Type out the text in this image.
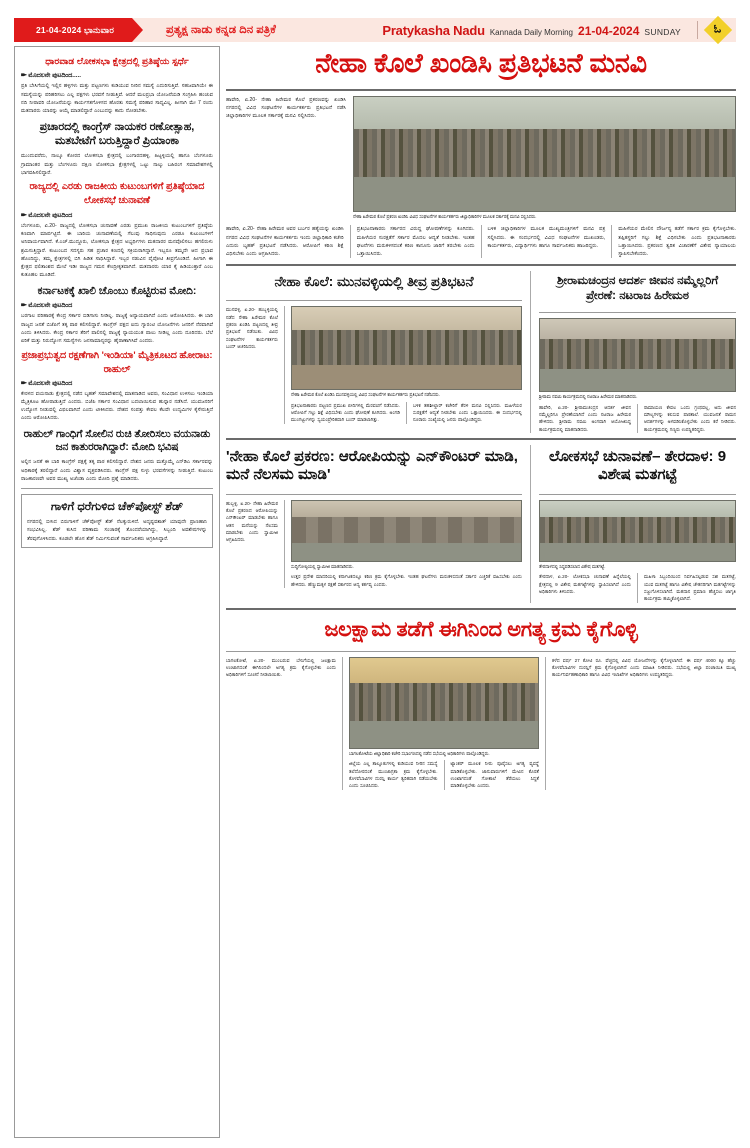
21-04-2024 ಭಾನುವಾರ	ಪ್ರತ್ಯಕ್ಷ ನಾಡು ಕನ್ನಡ ದಿನ ಪತ್ರಿಕೆ	Pratykasha Nadu Kannada Daily Morning 21-04-2024 SUNDAY	ಓ
ಧಾರವಾಡ ಲೋಕಸಭಾ ಕ್ಷೇತ್ರದಲ್ಲಿ ಪ್ರತಿಷ್ಠೆಯ ಸ್ಪರ್ಧೆ
➨ ಮೊದಲನೇ ಪುಟದಿಂದ.....
ಪ್ರತಿ ಬೇಸಿಗೆಯಲ್ಲಿ ಇಲ್ಲಿನ ಹಳ್ಳಿಗಳು ಮತ್ತು ಪಟ್ಟಣಗಳು ಕುಡಿಯುವ ನೀರಿನ ಸಮಸ್ಯೆ ಎದುರಿಸುತ್ತಿವೆ. ಸಹಜವಾಗಿಯೇ ಈ ಸಮಸ್ಯೆಯನ್ನು ಪರಿಹರಿಸಲು ಎಲ್ಲ ಪಕ್ಷಗಳು ಭರವಸೆ ನೀಡುತ್ತಿವೆ. ಆದರೆ ಮಲಪ್ರಭಾ ಯೋಜನೆಯಡಿ ಸಂಗ್ರಹಿಸಿ ಹಂಚುವ ನದಿ ನೀರಾವರಿ ಯೋಜನೆಯನ್ನು ಕಾರ್ಯಗತಗೊಳಿಸದ ಹೊರತು ಸಮಸ್ಯೆ ಪರಿಹಾರ ಸಾಧ್ಯವಿಲ್ಲ. ಹೀಗಾಗಿ ಮೇ 7 ರಂದು ಮತದಾರರು ಯಾರನ್ನು ಆಯ್ಕೆ ಮಾಡಲಿದ್ದಾರೆ ಎಂಬುದನ್ನು ಕಾದು ನೋಡಬೇಕು.
ಪ್ರಚಾರದಲ್ಲಿ ಕಾಂಗ್ರೆಸ್ ನಾಯಕರ ರಣೋತ್ಸಾಹ, ಮತಬೇಟೆಗೆ ಬರುತ್ತಿದ್ದಾರೆ ಪ್ರಿಯಾಂಕಾ
ಮುಂದುವರೆದು, ನಾಲ್ಕೂ ಕೋರದ ಲೋಕಸಭಾ ಕ್ಷೇತ್ರದಲ್ಲಿ ಬಂಗಾರದಹಳ್ಳಿ, ಹಿಟ್ಟಳ್ಳಿಯಲ್ಲಿ ಹಾಗೂ ಬೆಂಗಳೂರು ಗ್ರಾಮಾಂತರ ಮತ್ತು ಬೆಂಗಳೂರು ದಕ್ಷಿಣ ಲೋಕಸಭಾ ಕ್ಷೇತ್ರಗಳಲ್ಲಿ ಒಟ್ಟು ನಾಲ್ಕು ಬಹಿರಂಗ ಸಮಾವೇಶಗಳಲ್ಲಿ ಭಾಗವಹಿಸಲಿದ್ದಾರೆ.
ರಾಜ್ಯದಲ್ಲಿ ಎರಡು ರಾಜಕೀಯ ಕುಟುಂಬಗಳಿಗೆ ಪ್ರತಿಷ್ಠೆಯಾದ ಲೋಕಸಭೆ ಚುನಾವಣೆ
➨ ಮೊದಲನೇ ಪುಟದಿಂದ
ಬೆಂಗಳೂರು, ಏ.20- ರಾಜ್ಯದಲ್ಲಿ ಲೋಕಸಭಾ ಚುನಾವಣೆ ಎರಡು ಪ್ರಮುಖ ರಾಜಕೀಯ ಕುಟುಂಬಗಳಿಗೆ ಪ್ರತಿಷ್ಠೆಯ ಕಣವಾಗಿ ಮಾರ್ಪಟ್ಟಿದೆ. ಈ ಬಾರಿಯ ಚುನಾವಣೆಯಲ್ಲಿ ಗೆಲುವು ಸಾಧಿಸುವುದು ಎರಡೂ ಕುಟುಂಬಗಳಿಗೆ ಅನಿವಾರ್ಯವಾಗಿದೆ. ಕೆ.ಎಚ್.ಮುದ್ದೂರು, ಲೋಕಸಭಾ ಕ್ಷೇತ್ರದ ಅಭ್ಯರ್ಥಿಗಳು ಮತದಾರರ ಮನವೊಲಿಸಲು ಹಗಲಿರುಳು ಶ್ರಮಿಸುತ್ತಿದ್ದಾರೆ. ಕುಟುಂಬದ ಸದಸ್ಯರು ಸಹ ಪ್ರಚಾರ ಕಣದಲ್ಲಿ ಸಕ್ರಿಯರಾಗಿದ್ದಾರೆ. ಇಬ್ಬರೂ ತಮ್ಮದೇ ಆದ ಪ್ರಭಾವ ಹೊಂದಿದ್ದು, ತಮ್ಮ ಕ್ಷೇತ್ರಗಳಲ್ಲಿ ಬಿಗಿ ಹಿಡಿತ ಸಾಧಿಸಿದ್ದಾರೆ. ಇಬ್ಬರ ನಡುವಿನ ಪೈಪೋಟಿ ತೀವ್ರಗೊಂಡಿದೆ. ಹೀಗಾಗಿ ಈ ಕ್ಷೇತ್ರದ ಫಲಿತಾಂಶದ ಮೇಲೆ ಇಡೀ ರಾಜ್ಯದ ಗಮನ ಕೇಂದ್ರೀಕೃತವಾಗಿದೆ. ಮತದಾರರು ಯಾರ ಕೈ ಹಿಡಿಯುತ್ತಾರೆ ಎಂಬ ಕುತೂಹಲ ಮೂಡಿದೆ.
ಕರ್ನಾಟಕಕ್ಕೆ ಖಾಲಿ ಚೊಂಬು ಕೊಟ್ಟಿರುವ ಮೋದಿ:
➨ ಮೊದಲನೇ ಪುಟದಿಂದ
ಬರಗಾಲ ಪರಿಹಾರಕ್ಕೆ ಕೇಂದ್ರ ಸರ್ಕಾರ ಬಿಡಿಗಾಸು ನೀಡಿಲ್ಲ. ರಾಜ್ಯಕ್ಕೆ ಅನ್ಯಾಯವಾಗಿದೆ ಎಂದು ಆರೋಪಿಸಿದರು. ಈ ಬಾರಿ ರಾಜ್ಯದ ಜನತೆ ಬಿಜೆಪಿಗೆ ತಕ್ಕ ಪಾಠ ಕಲಿಸಲಿದ್ದಾರೆ. ಕಾಂಗ್ರೆಸ್ ಪಕ್ಷದ ಐದು ಗ್ಯಾರಂಟಿ ಯೋಜನೆಗಳು ಜನರಿಗೆ ನೆರವಾಗಿವೆ ಎಂದು ತಿಳಿಸಿದರು. ಕೇಂದ್ರ ಸರ್ಕಾರ ತೆರಿಗೆ ಪಾಲಿನಲ್ಲಿ ರಾಜ್ಯಕ್ಕೆ ನ್ಯಾಯಯುತ ಪಾಲು ನೀಡಿಲ್ಲ ಎಂದು ದೂರಿದರು. ಬೆಲೆ ಏರಿಕೆ ಮತ್ತು ನಿರುದ್ಯೋಗ ಸಮಸ್ಯೆಗಳು ಜನಸಾಮಾನ್ಯರನ್ನು ಹೈರಾಣಾಗಿಸಿವೆ ಎಂದರು.
ಪ್ರಜಾಪ್ರಭುತ್ವದ ರಕ್ಷಣೆಗಾಗಿ 'ಇಂಡಿಯಾ' ಮೈತ್ರಿಕೂಟದ ಹೋರಾಟ: ರಾಹುಲ್
➨ ಮೊದಲನೇ ಪುಟದಿಂದ
ಕೇರಳದ ವಯನಾಡು ಕ್ಷೇತ್ರದಲ್ಲಿ ನಡೆದ ಬೃಹತ್ ಸಮಾವೇಶದಲ್ಲಿ ಮಾತನಾಡಿದ ಅವರು, ಸಂವಿಧಾನ ಉಳಿಸಲು ಇಂಡಿಯಾ ಮೈತ್ರಿಕೂಟ ಹೋರಾಡುತ್ತಿದೆ ಎಂದರು. ಬಿಜೆಪಿ ಸರ್ಕಾರ ಸಂವಿಧಾನ ಬದಲಾಯಿಸುವ ಹುನ್ನಾರ ನಡೆಸಿದೆ. ಯುವಜನರಿಗೆ ಉದ್ಯೋಗ ನೀಡುವಲ್ಲಿ ವಿಫಲವಾಗಿದೆ ಎಂದು ಟೀಕಿಸಿದರು. ದೇಶದ ಸಂಪತ್ತು ಕೇವಲ ಕೆಲವೇ ಉದ್ಯಮಿಗಳ ಕೈಸೇರುತ್ತಿದೆ ಎಂದು ಆರೋಪಿಸಿದರು.
ರಾಹುಲ್ ಗಾಂಧಿಗೆ ಸೋಲಿನ ರುಚಿ ತೋರಿಸಲು ವಯನಾಡು ಜನ ಕಾತುರರಾಗಿದ್ದಾರೆ: ಮೋದಿ ಭವಿಷ
ಅಲ್ಲಿನ ಜನತೆ ಈ ಬಾರಿ ಕಾಂಗ್ರೆಸ್ ಪಕ್ಷಕ್ಕೆ ತಕ್ಕ ಪಾಠ ಕಲಿಸಲಿದ್ದಾರೆ. ದೇಶದ ಜನರು ಮತ್ತೊಮ್ಮೆ ಎನ್‌ಡಿಎ ಸರ್ಕಾರವನ್ನು ಅಧಿಕಾರಕ್ಕೆ ತರಲಿದ್ದಾರೆ ಎಂದು ವಿಶ್ವಾಸ ವ್ಯಕ್ತಪಡಿಸಿದರು. ಕಾಂಗ್ರೆಸ್ ಪಕ್ಷ ಸುಳ್ಳು ಭರವಸೆಗಳನ್ನು ನೀಡುತ್ತಿದೆ. ಕುಟುಂಬ ರಾಜಕಾರಣವೇ ಅವರ ಮುಖ್ಯ ಅಜೆಂಡಾ ಎಂದು ಮೋದಿ ಪ್ರಶ್ನೆ ಮಾಡಿದರು.
ಗಾಳಿಗೆ ಧರೆಗುಳಿದ ಚೆಕ್‌ಪೋಸ್ಟ್ ಶೆಡ್
ನಗರದಲ್ಲಿ ಬೀಸಿದ ಬಿರುಗಾಳಿಗೆ ಚೆಕ್‌ಪೋಸ್ಟ್ ಶೆಡ್ ನೆಲಕ್ಕುರುಳಿದೆ. ಅದೃಷ್ಟವಶಾತ್ ಯಾವುದೇ ಪ್ರಾಣಹಾನಿ ಸಂಭವಿಸಿಲ್ಲ. ಶೆಡ್ ಕುಸಿದ ಪರಿಣಾಮ ಸಂಚಾರಕ್ಕೆ ತೊಂದರೆಯಾಗಿದ್ದು, ಸಿಬ್ಬಂದಿ ಅವಶೇಷಗಳನ್ನು ತೆರವುಗೊಳಿಸಿದರು. ಕೂಡಲೇ ಹೊಸ ಶೆಡ್ ನಿರ್ಮಿಸುವಂತೆ ಸಾರ್ವಜನಿಕರು ಆಗ್ರಹಿಸಿದ್ದಾರೆ.
ನೇಹಾ ಕೊಲೆ ಖಂಡಿಸಿ ಪ್ರತಿಭಟನೆ ಮನವಿ
ಹಾವೇರಿ, ಏ.20- ನೇಹಾ ಹಿರೇಮಠ ಕೊಲೆ ಪ್ರಕರಣವನ್ನು ಖಂಡಿಸಿ ನಗರದಲ್ಲಿ ವಿವಿಧ ಸಂಘಟನೆಗಳ ಕಾರ್ಯಕರ್ತರು ಪ್ರತಿಭಟನೆ ನಡೆಸಿ ಜಿಲ್ಲಾಧಿಕಾರಿಗಳ ಮೂಲಕ ಸರ್ಕಾರಕ್ಕೆ ಮನವಿ ಸಲ್ಲಿಸಿದರು.
ನೇಹಾ ಹಿರೇಮಠ ಕೊಲೆ ಪ್ರಕರಣ ಖಂಡಿಸಿ ವಿವಿಧ ಸಂಘಟನೆಗಳ ಕಾರ್ಯಕರ್ತರು ಜಿಲ್ಲಾಧಿಕಾರಿಗಳ ಮೂಲಕ ಸರ್ಕಾರಕ್ಕೆ ಮನವಿ ಸಲ್ಲಿಸಿದರು.
ಹಾವೇರಿ, ಏ.20- ನೇಹಾ ಹಿರೇಮಠ ಅವರ ಬರ್ಬರ ಹತ್ಯೆಯನ್ನು ಖಂಡಿಸಿ ನಗರದ ವಿವಿಧ ಸಂಘಟನೆಗಳ ಕಾರ್ಯಕರ್ತರು ಇಂದು ಜಿಲ್ಲಾಧಿಕಾರಿ ಕಚೇರಿ ಎದುರು ಬೃಹತ್ ಪ್ರತಿಭಟನೆ ನಡೆಸಿದರು. ಆರೋಪಿಗೆ ಕಠಿಣ ಶಿಕ್ಷೆ ವಿಧಿಸಬೇಕು ಎಂದು ಆಗ್ರಹಿಸಿದರು.
ಪ್ರತಿಭಟನಾಕಾರರು ಸರ್ಕಾರದ ವಿರುದ್ಧ ಘೋಷಣೆಗಳನ್ನು ಕೂಗಿದರು. ಮಹಿಳೆಯರ ಸುರಕ್ಷತೆಗೆ ಸರ್ಕಾರ ಮೊದಲ ಆದ್ಯತೆ ನೀಡಬೇಕು. ಇಂತಹ ಘಟನೆಗಳು ಮರುಕಳಿಸದಂತೆ ಕಠಿಣ ಕಾನೂನು ಜಾರಿಗೆ ತರಬೇಕು ಎಂದು ಒತ್ತಾಯಿಸಿದರು.
ಬಳಿಕ ಜಿಲ್ಲಾಧಿಕಾರಿಗಳ ಮೂಲಕ ಮುಖ್ಯಮಂತ್ರಿಗಳಿಗೆ ಮನವಿ ಪತ್ರ ಸಲ್ಲಿಸಿದರು. ಈ ಸಂದರ್ಭದಲ್ಲಿ ವಿವಿಧ ಸಂಘಟನೆಗಳ ಮುಖಂಡರು, ಕಾರ್ಯಕರ್ತರು, ವಿದ್ಯಾರ್ಥಿಗಳು ಹಾಗೂ ಸಾರ್ವಜನಿಕರು ಹಾಜರಿದ್ದರು.
ಮಹಿಳೆಯರ ಮೇಲಿನ ದೌರ್ಜನ್ಯ ತಡೆಗೆ ಸರ್ಕಾರ ಕ್ರಮ ಕೈಗೊಳ್ಳಬೇಕು. ತಪ್ಪಿತಸ್ಥರಿಗೆ ಗಲ್ಲು ಶಿಕ್ಷೆ ವಿಧಿಸಬೇಕು ಎಂದು ಪ್ರತಿಭಟನಾಕಾರರು ಒತ್ತಾಯಿಸಿದರು. ಪ್ರಕರಣದ ತ್ವರಿತ ವಿಚಾರಣೆಗೆ ವಿಶೇಷ ನ್ಯಾಯಾಲಯ ಸ್ಥಾಪಿಸಬೇಕೆಂದರು.
ನೇಹಾ ಕೊಲೆ: ಮುನವಳ್ಳಿಯಲ್ಲಿ ತೀವ್ರ ಪ್ರತಿಭಟನೆ
ಮುನವಳ್ಳಿ, ಏ.20- ಹುಬ್ಬಳ್ಳಿಯಲ್ಲಿ ನಡೆದ ನೇಹಾ ಹಿರೇಮಠ ಕೊಲೆ ಪ್ರಕರಣ ಖಂಡಿಸಿ ಪಟ್ಟಣದಲ್ಲಿ ತೀವ್ರ ಪ್ರತಿಭಟನೆ ನಡೆಯಿತು. ವಿವಿಧ ಸಂಘಟನೆಗಳ ಕಾರ್ಯಕರ್ತರು ಬಂದ್ ಆಚರಿಸಿದರು.
ನೇಹಾ ಹಿರೇಮಠ ಕೊಲೆ ಖಂಡಿಸಿ ಮುನವಳ್ಳಿಯಲ್ಲಿ ವಿವಿಧ ಸಂಘಟನೆಗಳ ಕಾರ್ಯಕರ್ತರು ಪ್ರತಿಭಟನೆ ನಡೆಸಿದರು.
ಪ್ರತಿಭಟನಾಕಾರರು ಪಟ್ಟಣದ ಪ್ರಮುಖ ಬೀದಿಗಳಲ್ಲಿ ಮೆರವಣಿಗೆ ನಡೆಸಿದರು. ಆರೋಪಿಗೆ ಗಲ್ಲು ಶಿಕ್ಷೆ ವಿಧಿಸಬೇಕು ಎಂದು ಘೋಷಣೆ ಕೂಗಿದರು. ಅಂಗಡಿ ಮುಂಗಟ್ಟುಗಳನ್ನು ಸ್ವಯಂಪ್ರೇರಿತವಾಗಿ ಬಂದ್ ಮಾಡಲಾಗಿತ್ತು.
ಬಳಿಕ ತಹಶೀಲ್ದಾರ್ ಕಚೇರಿಗೆ ತೆರಳಿ ಮನವಿ ಸಲ್ಲಿಸಿದರು. ಮಹಿಳೆಯರ ಸುರಕ್ಷತೆಗೆ ಆದ್ಯತೆ ನೀಡಬೇಕು ಎಂದು ಒತ್ತಾಯಿಸಿದರು. ಈ ಸಂದರ್ಭದಲ್ಲಿ ನೂರಾರು ಸಂಖ್ಯೆಯಲ್ಲಿ ಜನರು ಪಾಲ್ಗೊಂಡಿದ್ದರು.
ಶ್ರೀರಾಮಚಂದ್ರನ ಆದರ್ಶ ಜೀವನ ನಮ್ಮೆಲ್ಲರಿಗೆ ಪ್ರೇರಣೆ: ನಟರಾಜ ಹಿರೇಮಠ
ಶ್ರೀರಾಮ ನವಮಿ ಕಾರ್ಯಕ್ರಮದಲ್ಲಿ ನಟರಾಜ ಹಿರೇಮಠ ಮಾತನಾಡಿದರು.
ಹಾವೇರಿ, ಏ.20- ಶ್ರೀರಾಮಚಂದ್ರನ ಆದರ್ಶ ಜೀವನ ನಮ್ಮೆಲ್ಲರಿಗೂ ಪ್ರೇರಣೆಯಾಗಿದೆ ಎಂದು ನಟರಾಜ ಹಿರೇಮಠ ಹೇಳಿದರು. ಶ್ರೀರಾಮ ನವಮಿ ಅಂಗವಾಗಿ ಆಯೋಜಿಸಿದ್ದ ಕಾರ್ಯಕ್ರಮದಲ್ಲಿ ಮಾತನಾಡಿದರು.
ರಾಮಾಯಣ ಕೇವಲ ಒಂದು ಗ್ರಂಥವಲ್ಲ, ಅದು ಜೀವನ ಮೌಲ್ಯಗಳನ್ನು ಕಲಿಸುವ ಪಾಠಶಾಲೆ. ಯುವಜನತೆ ರಾಮನ ಆದರ್ಶಗಳನ್ನು ಅಳವಡಿಸಿಕೊಳ್ಳಬೇಕು ಎಂದು ಕರೆ ನೀಡಿದರು. ಕಾರ್ಯಕ್ರಮದಲ್ಲಿ ಗಣ್ಯರು ಉಪಸ್ಥಿತರಿದ್ದರು.
'ನೇಹಾ ಕೊಲೆ ಪ್ರಕರಣ: ಆರೋಪಿಯನ್ನು ಎನ್‌ಕೌಂಟರ್ ಮಾಡಿ, ಮನೆ ನೆಲಸಮ ಮಾಡಿ'
ಹುಬ್ಬಳ್ಳಿ, ಏ.20- ನೇಹಾ ಹಿರೇಮಠ ಕೊಲೆ ಪ್ರಕರಣದ ಆರೋಪಿಯನ್ನು ಎನ್‌ಕೌಂಟರ್ ಮಾಡಬೇಕು ಹಾಗೂ ಆತನ ಮನೆಯನ್ನು ನೆಲಸಮ ಮಾಡಬೇಕು ಎಂದು ಸ್ವಾಮೀಜಿ ಆಗ್ರಹಿಸಿದರು.
ಸುದ್ದಿಗೋಷ್ಠಿಯಲ್ಲಿ ಸ್ವಾಮೀಜಿ ಮಾತನಾಡಿದರು.
ಉತ್ತರ ಪ್ರದೇಶ ಮಾದರಿಯಲ್ಲಿ ಕರ್ನಾಟಕದಲ್ಲೂ ಕಠಿಣ ಕ್ರಮ ಕೈಗೊಳ್ಳಬೇಕು. ಇಂತಹ ಘಟನೆಗಳು ಮರುಕಳಿಸದಂತೆ ಸರ್ಕಾರ ಎಚ್ಚರಿಕೆ ವಹಿಸಬೇಕು ಎಂದು ಹೇಳಿದರು. ಹೆಣ್ಣುಮಕ್ಕಳ ರಕ್ಷಣೆ ಸರ್ಕಾರದ ಆದ್ಯ ಕರ್ತವ್ಯ ಎಂದರು.
ಲೋಕಸಭೆ ಚುನಾವಣೆ– ತೇರದಾಳ: 9 ವಿಶೇಷ ಮತಗಟ್ಟೆ
ತೇರದಾಳದಲ್ಲಿ ಸಿದ್ಧಪಡಿಸಲಾದ ವಿಶೇಷ ಮತಗಟ್ಟೆ.
ತೇರದಾಳ, ಏ.20- ಲೋಕಸಭಾ ಚುನಾವಣೆ ಹಿನ್ನೆಲೆಯಲ್ಲಿ ಕ್ಷೇತ್ರದಲ್ಲಿ 9 ವಿಶೇಷ ಮತಗಟ್ಟೆಗಳನ್ನು ಸ್ಥಾಪಿಸಲಾಗಿದೆ ಎಂದು ಅಧಿಕಾರಿಗಳು ತಿಳಿಸಿದರು.
ಮಹಿಳಾ ಸಿಬ್ಬಂದಿಯಿಂದ ನಿರ್ವಹಿಸಲ್ಪಡುವ ಸಖಿ ಮತಗಟ್ಟೆ, ಯುವ ಮತಗಟ್ಟೆ ಹಾಗೂ ವಿಶೇಷ ಚೇತನರಿಗಾಗಿ ಮತಗಟ್ಟೆಗಳನ್ನು ಸಜ್ಜುಗೊಳಿಸಲಾಗಿದೆ. ಮತದಾನ ಪ್ರಮಾಣ ಹೆಚ್ಚಿಸಲು ಜಾಗೃತಿ ಕಾರ್ಯಕ್ರಮ ಹಮ್ಮಿಕೊಳ್ಳಲಾಗಿದೆ.
ಜಲಕ್ಷಾಮ ತಡೆಗೆ ಈಗಿನಿಂದ ಅಗತ್ಯ ಕ್ರಮ ಕೈಗೊಳ್ಳಿ
ಬಾಗಲಕೋಟೆ, ಏ.20- ಮುಂಬರುವ ಬೇಸಿಗೆಯಲ್ಲಿ ಜಲಕ್ಷಾಮ ಉಂಟಾಗದಂತೆ ಈಗಿನಿಂದಲೇ ಅಗತ್ಯ ಕ್ರಮ ಕೈಗೊಳ್ಳಬೇಕು ಎಂದು ಅಧಿಕಾರಿಗಳಿಗೆ ಸೂಚನೆ ನೀಡಲಾಯಿತು.
ಬಾಗಲಕೋಟೆಯ ಜಿಲ್ಲಾಧಿಕಾರಿ ಕಚೇರಿ ಸಭಾಂಗಣದಲ್ಲಿ ನಡೆದ ಸಭೆಯಲ್ಲಿ ಅಧಿಕಾರಿಗಳು ಪಾಲ್ಗೊಂಡಿದ್ದರು.
ಜಿಲ್ಲೆಯ ಎಲ್ಲ ತಾಲ್ಲೂಕುಗಳಲ್ಲಿ ಕುಡಿಯುವ ನೀರಿನ ಸಮಸ್ಯೆ ತಲೆದೋರದಂತೆ ಮುಂಜಾಗ್ರತಾ ಕ್ರಮ ಕೈಗೊಳ್ಳಬೇಕು. ಕೊಳವೆಬಾವಿಗಳ ದುರಸ್ತಿ ಕಾರ್ಯ ತ್ವರಿತವಾಗಿ ನಡೆಯಬೇಕು ಎಂದು ಸೂಚಿಸಿದರು.
ಟ್ಯಾಂಕರ್ ಮೂಲಕ ನೀರು ಪೂರೈಸಲು ಅಗತ್ಯ ವ್ಯವಸ್ಥೆ ಮಾಡಿಕೊಳ್ಳಬೇಕು. ಜಾನುವಾರುಗಳಿಗೆ ಮೇವಿನ ಕೊರತೆ ಉಂಟಾಗದಂತೆ ಗೋಶಾಲೆ ತೆರೆಯಲು ಸಿದ್ಧತೆ ಮಾಡಿಕೊಳ್ಳಬೇಕು ಎಂದರು.
ಕಳೆದ ವರ್ಷ 27 ಕೋಟಿ ರೂ. ವೆಚ್ಚದಲ್ಲಿ ವಿವಿಧ ಯೋಜನೆಗಳನ್ನು ಕೈಗೊಳ್ಳಲಾಗಿದೆ. ಈ ವರ್ಷ 4000 ಕ್ಕೂ ಹೆಚ್ಚು ಕೊಳವೆಬಾವಿಗಳ ದುರಸ್ತಿಗೆ ಕ್ರಮ ಕೈಗೊಳ್ಳಲಾಗಿದೆ ಎಂದು ಮಾಹಿತಿ ನೀಡಿದರು. ಸಭೆಯಲ್ಲಿ ಜಿಲ್ಲಾ ಪಂಚಾಯಿತಿ ಮುಖ್ಯ ಕಾರ್ಯನಿರ್ವಹಣಾಧಿಕಾರಿ ಹಾಗೂ ವಿವಿಧ ಇಲಾಖೆಗಳ ಅಧಿಕಾರಿಗಳು ಉಪಸ್ಥಿತರಿದ್ದರು.
